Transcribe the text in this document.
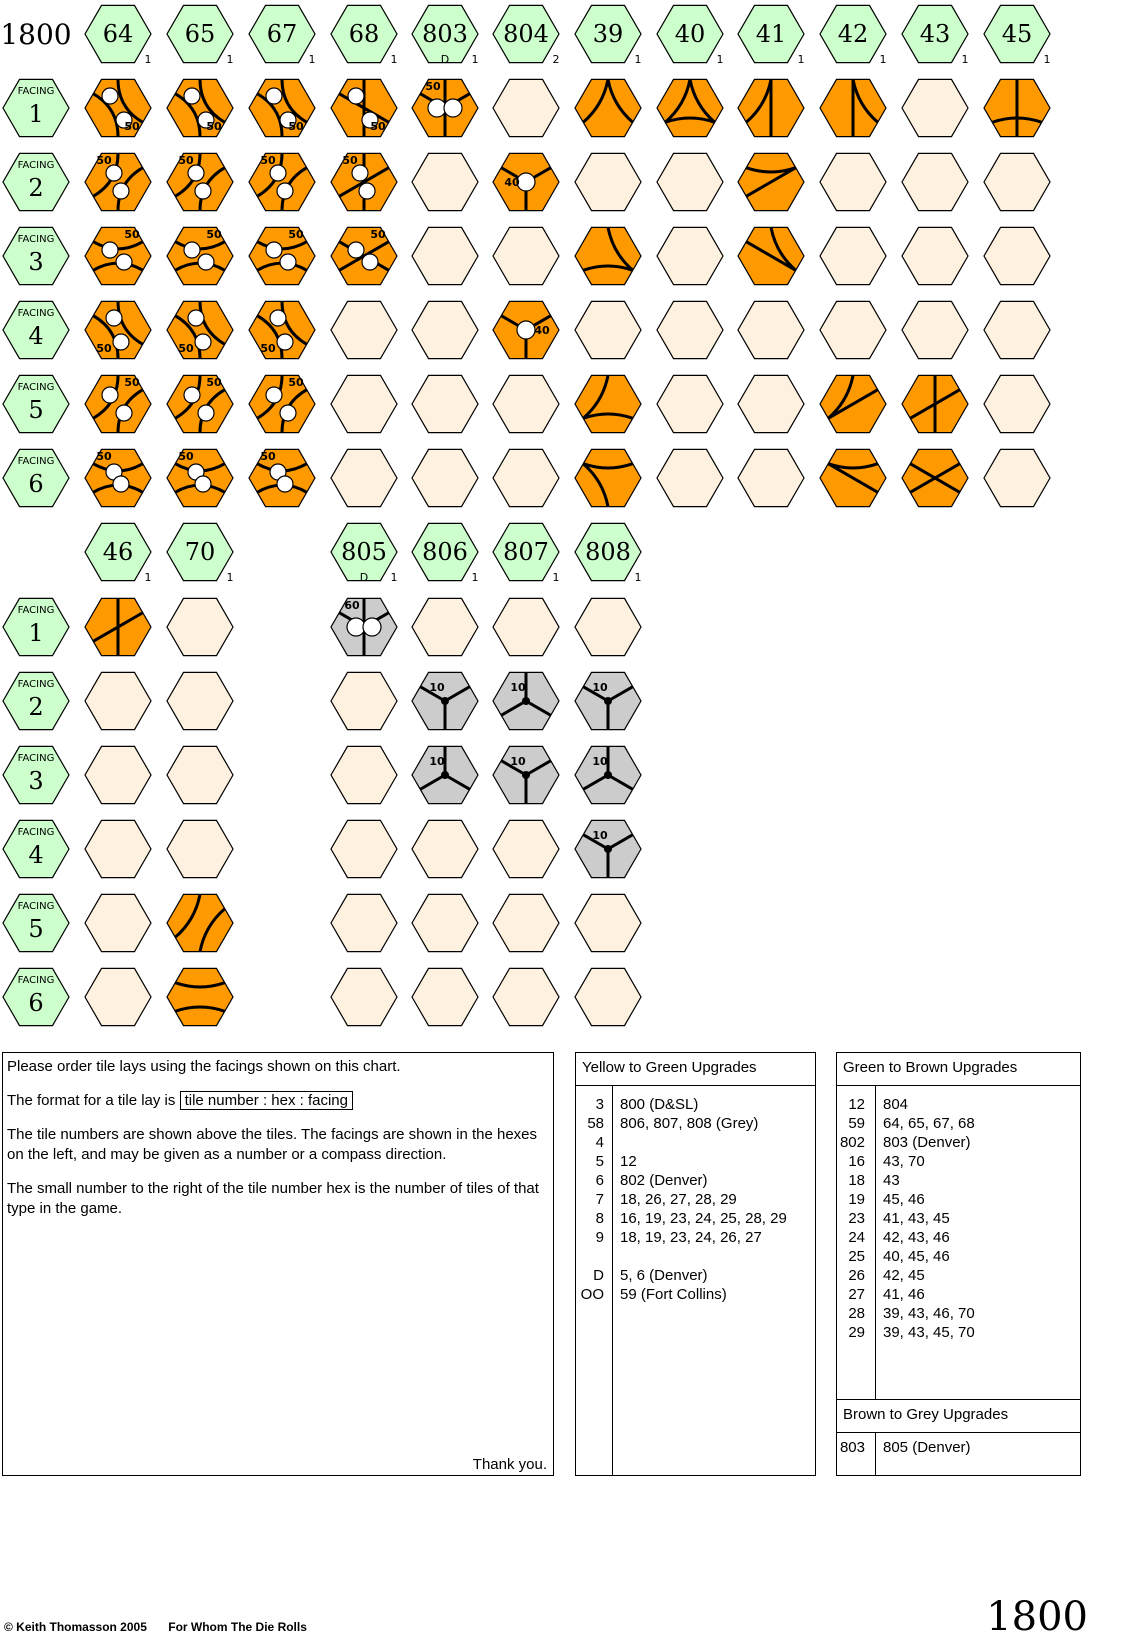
1800
FACING
1
FACING
2
FACING
3
FACING
4
FACING
5
FACING
6
64
1
50
50
50
50
50
50
65
1
50
50
50
50
50
50
67
1
50
50
50
50
50
50
68
1
50
50
50
803
1
D
50
804
2
40
40
39
1
40
1
41
1
42
1
43
1
45
1
FACING
1
FACING
2
FACING
3
FACING
4
FACING
5
FACING
6
46
1
70
1
805
1
D
60
806
1
10
10
807
1
10
10
808
1
10
10
10

Please order tile lays using the facings shown on this chart.

The format for a tile lay is tile number : hex : facing

The tile numbers are shown above the tiles. The facings are shown in the hexes on the left, and may be given as a number or a compass direction.

The small number to the right of the tile number hex is the number of tiles of that type in the game.

Thank you.
Yellow to Green Upgrades
3 800 (D&SL)
58 806, 807, 808 (Grey)
4
5 12
6 802 (Denver)
7 18, 26, 27, 28, 29
8 16, 19, 23, 24, 25, 28, 29
9 18, 19, 23, 24, 26, 27
D 5, 6 (Denver)
OO 59 (Fort Collins)
Green to Brown Upgrades
12 804
59 64, 65, 67, 68
802 803 (Denver)
16 43, 70
18 43
19 45, 46
23 41, 43, 45
24 42, 43, 46
25 40, 45, 46
26 42, 45
27 41, 46
28 39, 43, 46, 70
29 39, 43, 45, 70
Brown to Grey Upgrades
803 805 (Denver)
© Keith Thomasson 2005 For Whom The Die Rolls	1800
